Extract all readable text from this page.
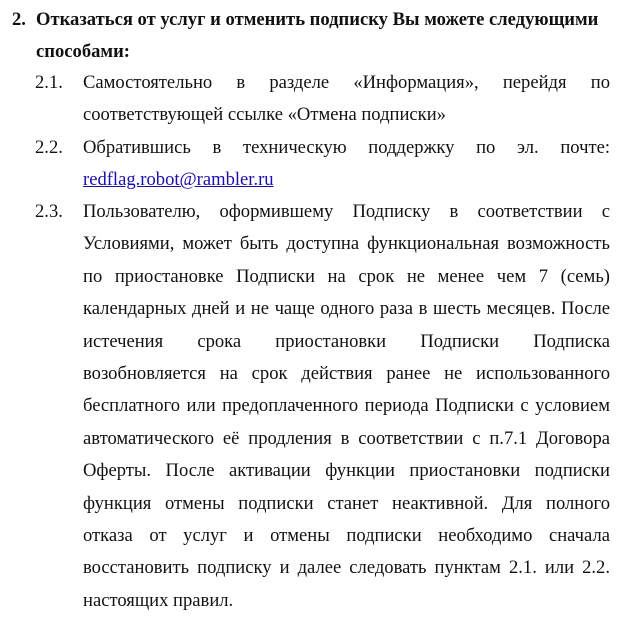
2. Отказаться от услуг и отменить подписку Вы можете следующими способами:
2.1. Самостоятельно в разделе «Информация», перейдя по соответствующей ссылке «Отмена подписки»
2.2. Обратившись в техническую поддержку по эл. почте:
redflag.robot@rambler.ru
2.3. Пользователю, оформившему Подписку в соответствии с Условиями, может быть доступна функциональная возможность по приостановке Подписки на срок не менее чем 7 (семь) календарных дней и не чаще одного раза в шесть месяцев. После истечения срока приостановки Подписки Подписка возобновляется на срок действия ранее не использованного бесплатного или предоплаченного периода Подписки с условием автоматического её продления в соответствии с п.7.1 Договора Оферты. После активации функции приостановки подписки функция отмены подписки станет неактивной. Для полного отказа от услуг и отмены подписки необходимо сначала восстановить подписку и далее следовать пунктам 2.1. или 2.2. настоящих правил.
